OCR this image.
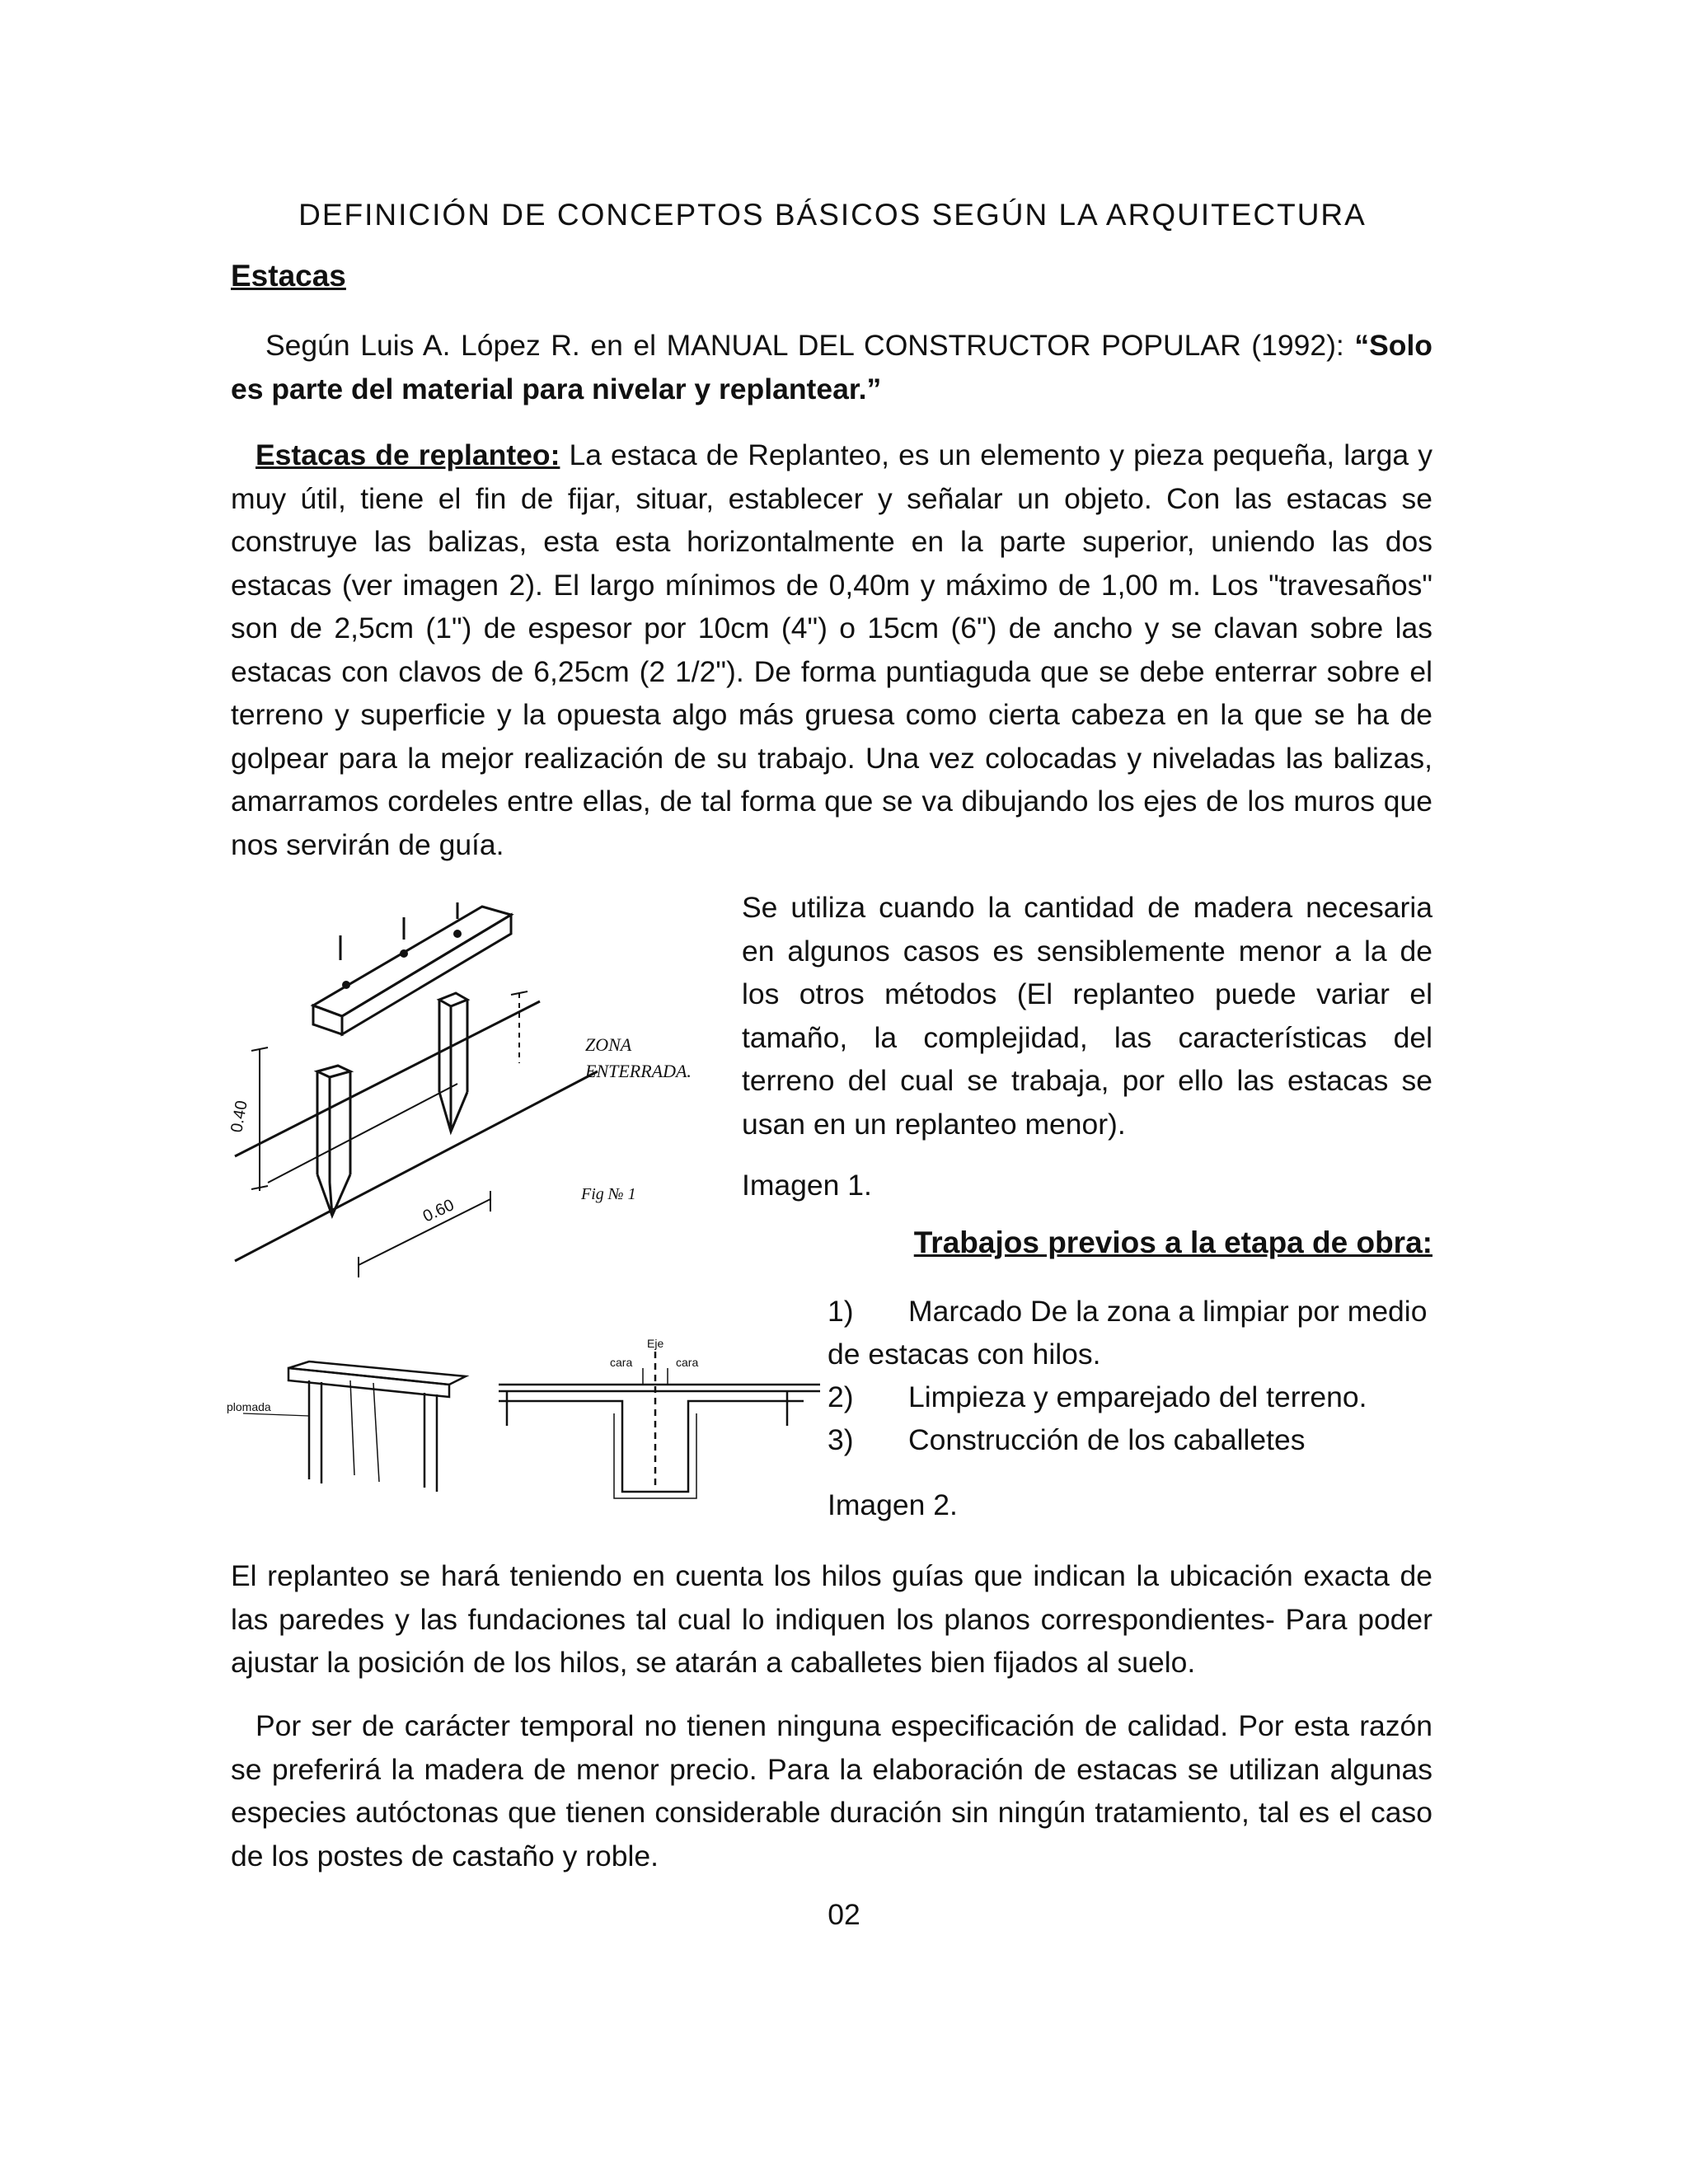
DEFINICIÓN DE CONCEPTOS BÁSICOS SEGÚN LA ARQUITECTURA
Estacas
Según Luis A. López R. en el MANUAL DEL CONSTRUCTOR POPULAR (1992): “Solo es parte del material para nivelar y replantear.”
Estacas de replanteo: La estaca de Replanteo, es un elemento y pieza pequeña, larga y muy útil, tiene el fin de fijar, situar, establecer y señalar un objeto. Con las estacas se construye las balizas, esta esta horizontalmente en la parte superior, uniendo las dos estacas (ver imagen 2). El largo mínimos de 0,40m y máximo de 1,00 m. Los "travesaños" son de 2,5cm (1") de espesor por 10cm (4") o 15cm (6") de ancho y se clavan sobre las estacas con clavos de 6,25cm (2 1/2"). De forma puntiaguda que se debe enterrar sobre el terreno y superficie y la opuesta algo más gruesa como cierta cabeza en la que se ha de golpear para la mejor realización de su trabajo. Una vez colocadas y niveladas las balizas, amarramos cordeles entre ellas, de tal forma que se va dibujando los ejes de los muros que nos servirán de guía.
0.40
0.60
ZONA
ENTERRADA.
Fig № 1
Se utiliza cuando la cantidad de madera necesaria en algunos casos es sensiblemente menor a la de los otros métodos (El replanteo puede variar el tamaño, la complejidad, las características del terreno del cual se trabaja, por ello las estacas se usan en un replanteo menor).
Imagen 1.
Trabajos previos a la etapa de obra:
1)	Marcado De la zona a limpiar por medio
de estacas con hilos.
2)	Limpieza y emparejado del terreno.
3)	Construcción de los caballetes
plomada
Eje
cara	cara
Imagen 2.
El replanteo se hará teniendo en cuenta los hilos guías que indican la ubicación exacta de las paredes y las fundaciones tal cual lo indiquen los planos correspondientes- Para poder ajustar la posición de los hilos, se atarán a caballetes bien fijados al suelo.
Por ser de carácter temporal no tienen ninguna especificación de calidad. Por esta razón se preferirá la madera de menor precio. Para la elaboración de estacas se utilizan algunas especies autóctonas que tienen considerable duración sin ningún tratamiento, tal es el caso de los postes de castaño y roble.
02
